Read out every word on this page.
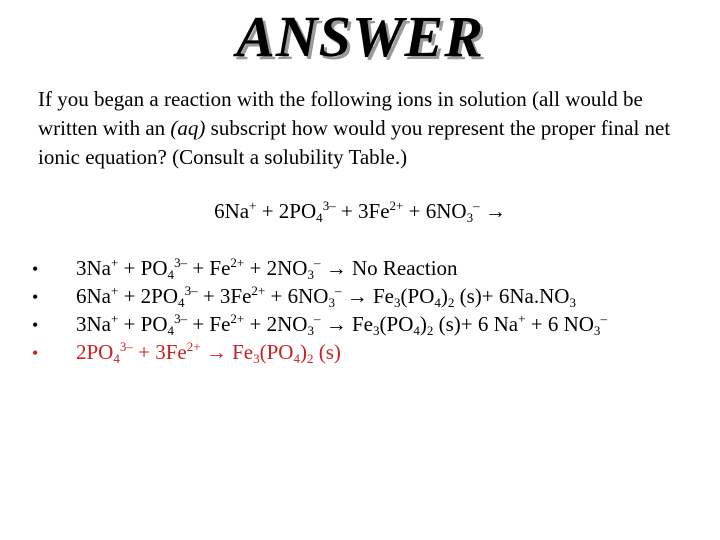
ANSWER
If you began a reaction with the following ions in solution (all would be written with an (aq) subscript how would you represent the proper final net ionic equation? (Consult a solubility Table.)
$6Na^+ + 2PO_4^{3-} + 3Fe^{2+} + 6NO_3^-$ →
•	$3Na^+ + PO_4^{3-} + Fe^{2+} + 2NO_3^- \to No$ Reaction
•	$6Na^+ + 2PO_4^{3-} + 3Fe^{2+} + 6NO_3^- \to Fe_3(PO_4)_2$ $(s)+ 6Na.NO_3$
•	$3Na^+ + PO_4^{3-} + Fe^{2+} + 2NO_3^- \to Fe_3(PO_4)_2$ (s)+ 6 Na+ + 6 $NO_3^-$
•	$2PO_4^{3-} + 3Fe^{2+} \to Fe_3(PO_4)_2$ (s)
